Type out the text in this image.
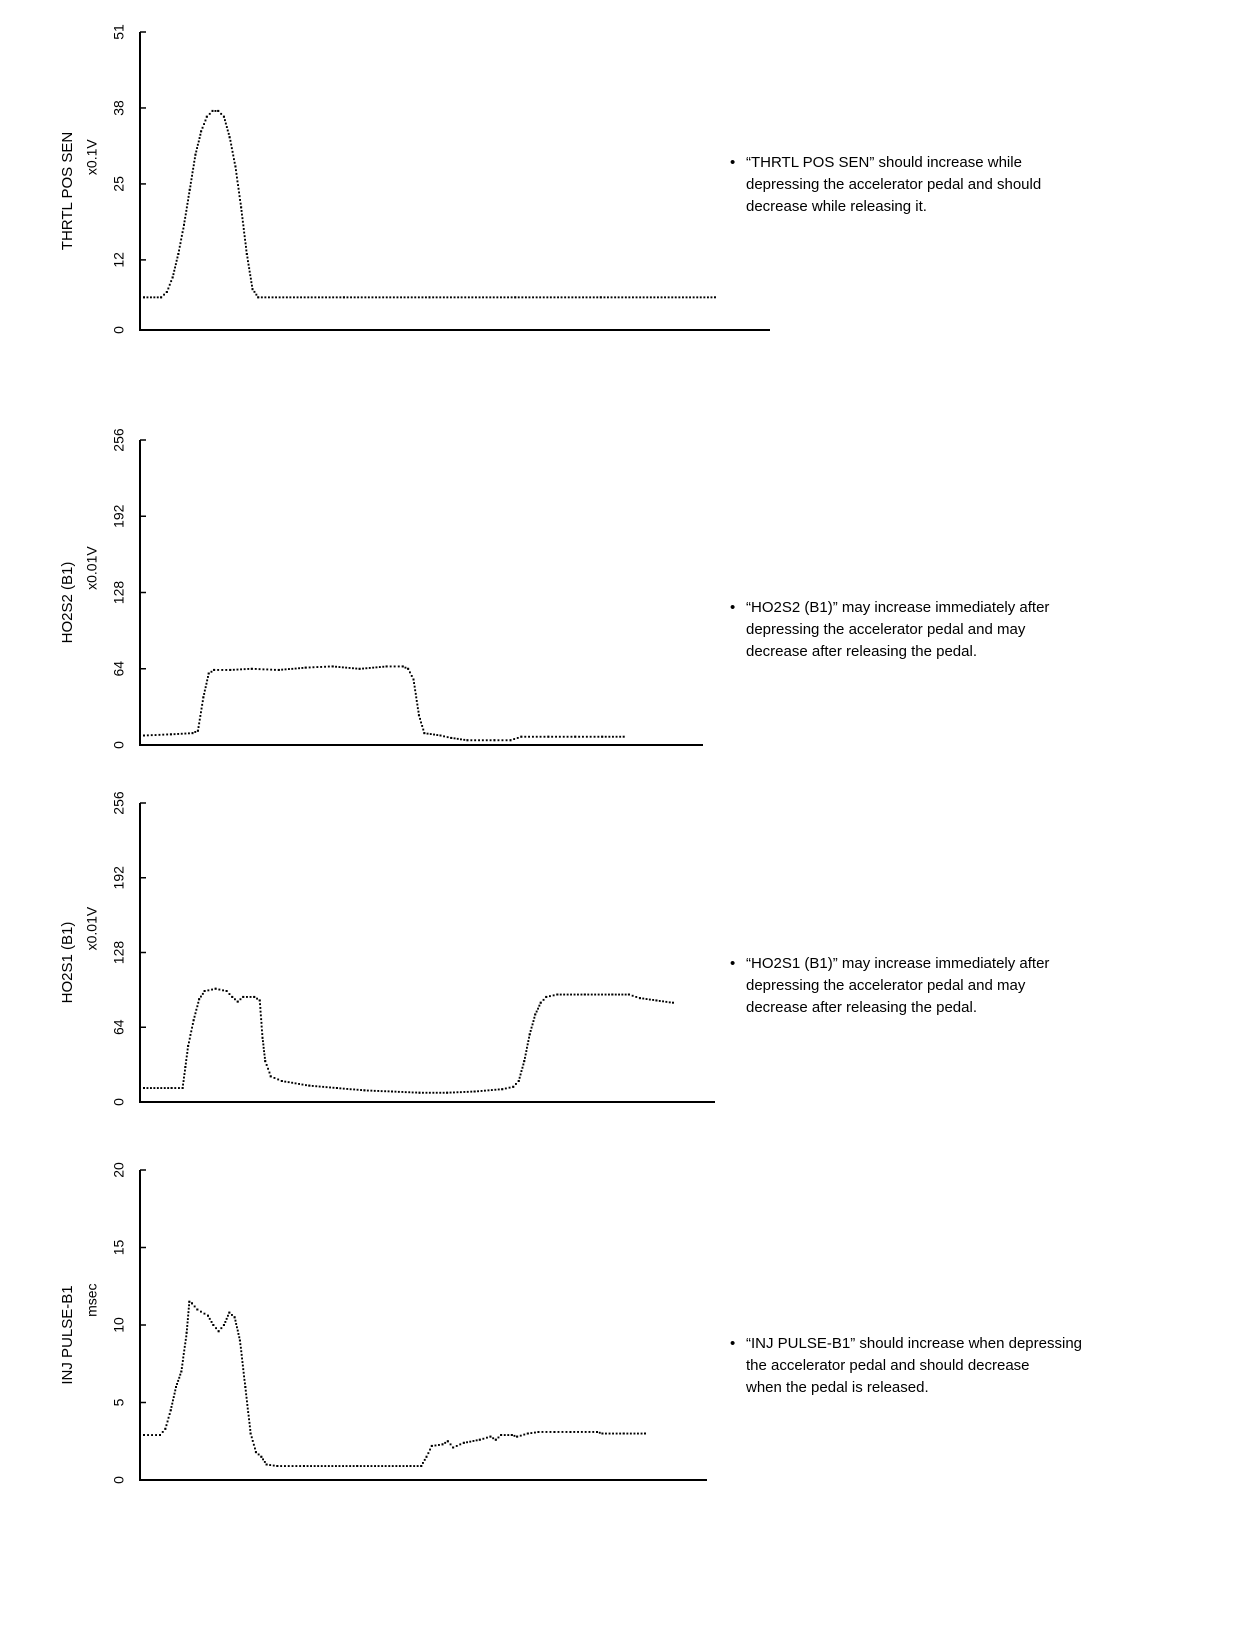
0
12
25
38
51
THRTL POS SEN x0.1V
0
64
128
192
256
HO2S2 (B1) x0.01V
0
64
128
192
256
HO2S1 (B1) x0.01V
0
5
10
15
20
INJ PULSE-B1 msec
• “THRTL POS SEN” should increase while
depressing the accelerator pedal and should
decrease while releasing it.
• “HO2S2 (B1)” may increase immediately after
depressing the accelerator pedal and may
decrease after releasing the pedal.
• “HO2S1 (B1)” may increase immediately after
depressing the accelerator pedal and may
decrease after releasing the pedal.
• “INJ PULSE-B1” should increase when depressing
the accelerator pedal and should decrease
when the pedal is released.
